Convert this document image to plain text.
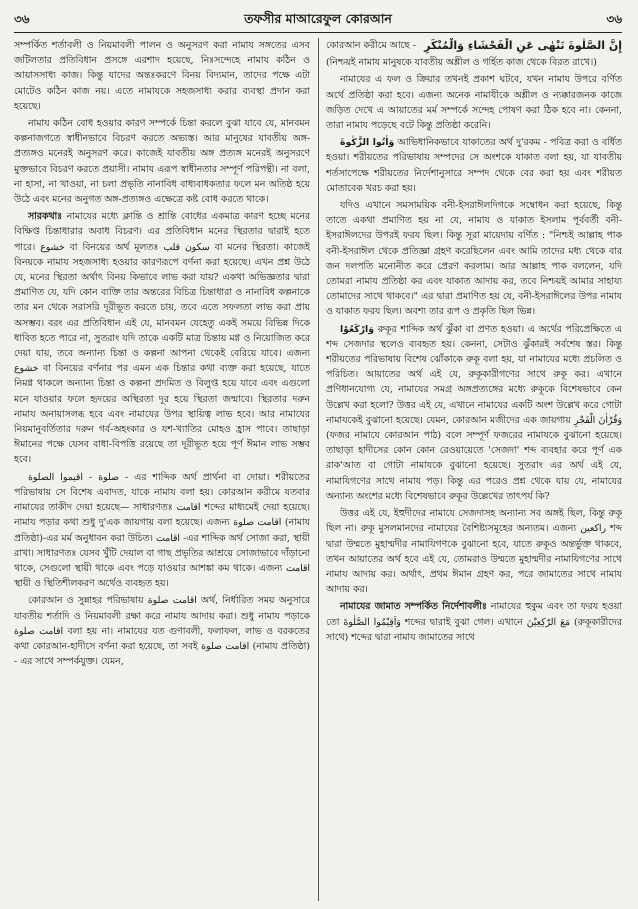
৩৬	তফসীর মাআরেফুল কোরআন	৩৬

সম্পর্কিত শর্তাবলী ও নিয়মাবলী পালন ও অনুসরণ করা নামায সঙ্গতের এসব জটিলতার প্রতিবিধান প্রসঙ্গে এরশাদ হয়েছে, নিঃসন্দেহে নামায কঠিন ও আয়াসসাধ্য কাজ। কিন্তু যাদের অন্তঃকরণে বিনয় বিদ্যমান, তাদের পক্ষে এটা মোটেও কঠিন কাজ নয়। এতে নামাযকে সহজসাধ্য করার ব্যবস্থা প্রদান করা হয়েছে।

নামায কঠিন বোধ হওয়ার কারণ সম্পর্কে চিন্তা করলে বুঝা যাবে যে, মানবমন কল্পনাজগতে স্বাধীনভাবে বিচরণ করতে অভ্যস্ত। আর মানুষের যাবতীয় অঙ্গ-প্রত্যঙ্গও মনেরই অনুসরণ করে। কাজেই যাবতীয় অঙ্গ প্রত্যঙ্গ মনেরই অনুসরণে মুক্তভাবে বিচরণ করতে প্রয়াসী। নামায এরূপ স্বাধীনতার সম্পূর্ণ পরিপন্থী। না বলা, না হাসা, না খাওয়া, না চলা প্রভৃতি নানাবিধ বাধ্যবাধকতার ফলে মন অতিষ্ঠ হয়ে উঠে এবং মনের অনুগত অঙ্গ-প্রত্যঙ্গও এক্ষেত্রে কষ্ট বোধ করতে থাকে।

সারকথাঃ নামাযের মধ্যে ক্লান্তি ও শ্রান্তি বোধের একমাত্র কারণ হচ্ছে মনের বিক্ষিপ্ত চিন্তাধারার অবাধ বিচরণ। এর প্রতিবিধান মনের স্থিরতার দ্বারাই হতে পারে। خشوع বা বিনয়ের অর্থ মূলতঃ سكون قلب বা মনের স্থিরতা। কাজেই বিনয়কে নামায সহজসাধ্য হওয়ার কারণরূপে বর্ণনা করা হয়েছে। এখন প্রশ্ন উঠে যে, মনের স্থিরতা অর্থাৎ বিনয় কিভাবে লাভ করা যায়? একথা অভিজ্ঞতার দ্বারা প্রমাণিত যে, যদি কোন ব্যক্তি তার অন্তরের বিচিত্র চিন্তাধারা ও নানাবিধ কল্পনাকে তার মন থেকে সরাসরি দূরীভূত করতে চায়, তবে এতে সফলতা লাভ করা প্রায় অসম্ভব। বরং এর প্রতিবিধান এই যে, মানবমন যেহেতু একই সময়ে বিভিন্ন দিকে ধাবিত হতে পারে না, সুতরাং যদি তাকে একটি মাত্র চিন্তায় মগ্ন ও নিয়োজিত করে দেয়া যায়, তবে অন্যান্য চিন্তা ও কল্পনা আপনা থেকেই বেরিয়ে যাবে। এজন্য خشوع বা বিনয়ের বর্ণনার পর এমন এক চিন্তার কথা ব্যক্ত করা হয়েছে, যাতে নিমগ্ন থাকলে অন্যান্য চিন্তা ও কল্পনা প্রদমিত ও বিলুপ্ত হয়ে যাবে এবং এগুলো মনে যাওয়ার ফলে হৃদয়ের অস্থিরতা দূর হয়ে স্থিরতা জন্মাবে। স্থিরতার দরুন নামায অনায়াসলব্ধ হবে এবং নামাযের উপর স্থায়িত্ব লাভ হবে। আর নামাযের নিয়মানুবর্তিতার দরুন গর্ব-অহংকার ও যশ-খ্যাতির মোহও হ্রাস পাবে। তাছাড়া ঈমানের পক্ষে যেসব বাধা-বিপত্তি রয়েছে তা দূরীভূত হয়ে পূর্ণ ঈমান লাভ সম্ভব হবে।

صلوة - اقيموا الصلوة - এর শাব্দিক অর্থ প্রার্থনা বা দোয়া। শরীয়তের পরিভাষায় সে বিশেষ এবাদত, যাকে নামায বলা হয়। কোরআন করীমে যতবার নামাযের তাকীদ দেয়া হয়েছে— সাধারণতঃ اقامت শব্দের মাধ্যমেই দেয়া হয়েছে। নামায পড়ার কথা শুধু দু'এক জায়গায় বলা হয়েছে। এজন্য اقامت صلوة (নামায প্রতিষ্ঠা)-এর মর্ম অনুধাবন করা উচিত। اقامت -এর শাব্দিক অর্থ সোজা করা, স্থায়ী রাখা। সাধারণতঃ যেসব খুঁটি দেয়াল বা গাছ প্রভৃতির আশ্রয়ে সোজাভাবে দাঁড়ানো থাকে, সেগুলো স্থায়ী থাকে এবং পড়ে যাওয়ার আশঙ্কা কম থাকে। এজন্য اقامت স্থায়ী ও স্থিতিশীলকরণ অর্থেও ব্যবহৃত হয়।

কোরআন ও সুন্নাহর পরিভাষায় اقامت صلوة অর্থ, নির্ধারিত সময় অনুসারে যাবতীয় শর্তাদি ও নিয়মাবলী রক্ষা করে নামায আদায় করা। শুধু নামায পড়াকে اقامت صلوة বলা হয় না। নামাযের যত গুণাবলী, ফলাফল, লাভ ও বরকতের কথা কোরআন-হাদীসে বর্ণনা করা হয়েছে, তা সবই اقامت صلوة (নামায প্রতিষ্ঠা) - এর সাথে সম্পর্কযুক্ত। যেমন,

কোরআন করীমে আছে - إِنَّ الصَّلٰوةَ تَنْهٰى عَنِ الْفَحْشَاءِ وَالْمُنْكَرِ

(নিশ্চয়ই নামায মানুষকে যাবতীয় অশ্লীল ও গর্হিত কাজ থেকে বিরত রাখে।)

নামাযের এ ফল ও ক্রিয়ার তখনই প্রকাশ ঘটবে, যখন নামায উপরে বর্ণিত অর্থে প্রতিষ্ঠা করা হবে। এজন্য অনেক নামাযীকে অশ্লীল ও ন্যক্কারজনক কাজে জড়িত দেখে এ আয়াতের মর্ম সম্পর্কে সন্দেহ পোষণ করা ঠিক হবে না। কেননা, তারা নামায পড়েছে বটে কিন্তু প্রতিষ্ঠা করেনি।

وَاٰتُوا الزَّكٰوةَ আভিধানিকভাবে যাকাতের অর্থ দু'রকম - পবিত্র করা ও বর্ধিত হওয়া। শরীয়তের পরিভাষায় সম্পদের সে অংশকে যাকাত বলা হয়, যা যাবতীয় শর্তসাপেক্ষে শরীয়তের নির্দেশানুসারে সম্পদ থেকে বের করা হয় এবং শরীয়ত মোতাবেক খরচ করা হয়।

যদিও এখানে সমসাময়িক বনী-ইসরাঈলদিগকে সম্বোধন করা হয়েছে, কিন্তু তাতে একথা প্রমাণিত হয় না যে, নামায ও যাকাত ইসলাম পূর্ববর্তী বনী-ইসরাঈলদের উপরই ফরয ছিল। কিন্তু সূরা মায়েদায় বর্ণিত : "নিশ্চই আল্লাহ পাক বনী-ইসরাঈল থেকে প্রতিজ্ঞা গ্রহণ করেছিলেন এবং আমি তাদের মধ্য থেকে বার জন দলপতি মনোনীত করে প্রেরণ করলাম। আর আল্লাহ পাক বললেন, যদি তোমরা নামায প্রতিষ্ঠা কর এবং যাকাত আদায় কর, তবে নিশ্চয়ই আমার সাহায্য তোমাদের সাথে থাকবে।" এর দ্বারা প্রমাণিত হয় যে, বনী-ইসরাঈলের উপর নামায ও যাকাত ফরয ছিল। অবশ্য তার রূপ ও প্রকৃতি ছিল ভিন্ন।

وَارْكَعُوْا রুকূর শাব্দিক অর্থ ঝুঁকা বা প্রণত হওয়া। এ অর্থের পরিপ্রেক্ষিতে এ শব্দ সেজদার স্থলেও ব্যবহৃত হয়। কেননা, সেটাও ঝুঁকারই সর্বশেষ স্তর। কিন্তু শরীয়তের পরিভাষায় বিশেষ ঝোঁকাকে রুকূ বলা হয়, যা নামাযের মধ্যে প্রচলিত ও পরিচিত। আয়াতের অর্থ এই যে, রুকূকারীগণের সাথে রুকূ কর। এখানে প্রণিধানযোগ্য যে, নামাযের সমগ্র অঙ্গপ্রত্যঙ্গের মধ্যে রুকূকে বিশেষভাবে কেন উল্লেখ করা হলো? উত্তর এই যে, এখানে নামাযের একটি অংশ উল্লেখ করে গোটা নামাযকেই বুঝানো হয়েছে। যেমন, কোরআন মজীদের এক জায়গায় وَقُرْاٰنَ الْفَجْرِ (ফজর নামাযে কোরআন পাঠ) বলে সম্পূর্ণ ফজরের নামাযকে বুঝানো হয়েছে। তাছাড়া হাদীসের কোন কোন রেওয়ায়েতে 'সেজদা' শব্দ ব্যবহার করে পূর্ণ এক রাক'আত বা গোটা নামাযকে বুঝানো হয়েছে। সুতরাং এর অর্থ এই যে, নামাযিগণের সাথে নামায পড়। কিন্তু এর পরেও প্রশ্ন থেকে যায় যে, নামাযের অন্যান্য অংশের মধ্যে বিশেষভাবে রুকূর উল্লেখের তাৎপর্য কি?

উত্তর এই যে, ইহুদীদের নামাযে সেজদাসহ অন্যান্য সব অঙ্গই ছিল, কিন্তু রুকূ ছিল না। রুকূ মুসলমানদের নামাযের বৈশিষ্ট্যসমূহের অন্যতম। এজন্য راكعين শব্দ দ্বারা উম্মতে মুহাম্মদীর নামাযিগণকে বুঝানো হবে, যাতে রুকূও অন্তর্ভুক্ত থাকবে, তখন আয়াতের অর্থ হবে এই যে, তোমরাও উম্মতে মুহাম্মদীর নামাযিগণের সাথে নামায আদায় কর। অর্থাৎ, প্রথম ঈমান গ্রহণ কর, পরে জামাতের সাথে নামায আদায় কর।

নামাযের জামাত সম্পর্কিত নির্দেশাবলীঃ নামাযের হুকুম এবং তা ফরয হওয়া তো وَاَقِيْمُوا الصَّلٰوةَ শব্দের দ্বারাই বুঝা গেল। এখানে مَعَ الرّٰكِعِيْنَ (রুকূকারীদের সাথে) শব্দের দ্বারা নামায জামাতের সাথে
